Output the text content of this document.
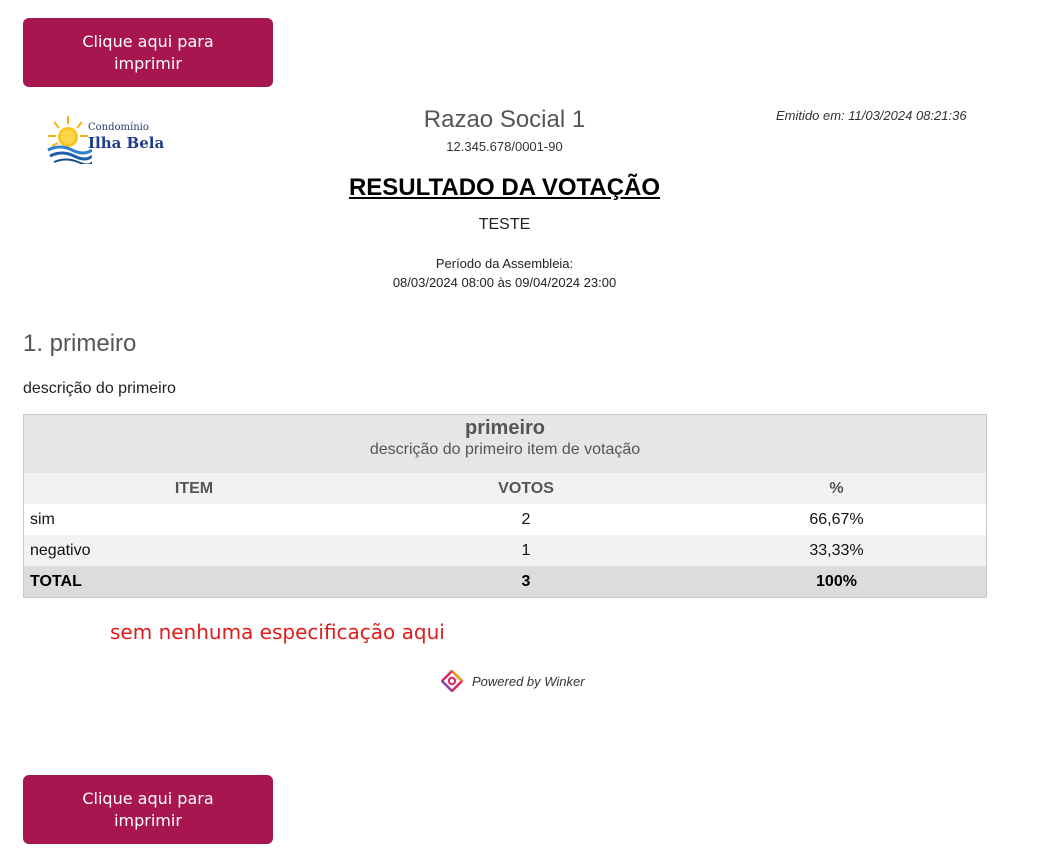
Clique aqui para imprimir
Condomínio
Ilha Bela
Razao Social 1
12.345.678/0001-90
Emitido em: 11/03/2024 08:21:36
RESULTADO DA VOTAÇÃO
TESTE
Período da Assembleia:
08/03/2024 08:00 às 09/04/2024 23:00
1. primeiro
descrição do primeiro
primeiro		
descrição do primeiro item de votação		
ITEM	VOTOS	%
sim	2	66,67%
negativo	1	33,33%
TOTAL	3	100%
sem nenhuma especificação aqui
Powered by Winker
Clique aqui para imprimir
